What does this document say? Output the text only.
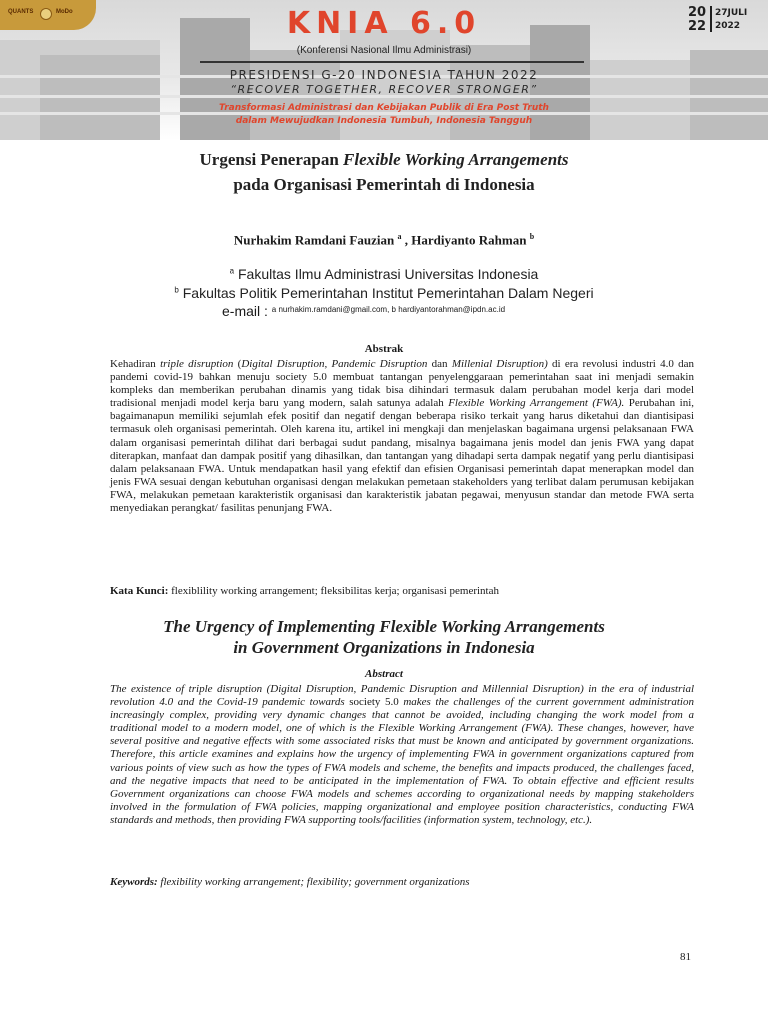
QUANTS	MoDo	KNIA 6.0
(Konferensi Nasional Ilmu Administrasi)
PRESIDENSI G-20 INDONESIA TAHUN 2022
“RECOVER TOGETHER, RECOVER STRONGER”
Transformasi Administrasi dan Kebijakan Publik di Era Post Truth
dalam Mewujudkan Indonesia Tumbuh, Indonesia Tangguh
20
22
27JULI
2022
Urgensi Penerapan Flexible Working Arrangements
pada Organisasi Pemerintah di Indonesia
Nurhakim Ramdani Fauzian $^a$ , Hardiyanto Rahman $^b$
$^a$ Fakultas Ilmu Administrasi Universitas Indonesia
$^b$ Fakultas Politik Pemerintahan Institut Pemerintahan Dalam Negeri
e-mail : $^{a nurhakim.ramdani@gmail.com, b hardiyantorahman@ipdn.ac.id}$
Abstrak
Kehadiran triple disruption (Digital Disruption, Pandemic Disruption dan Millenial Disruption) di era revolusi industri 4.0 dan pandemi covid-19 bahkan menuju society 5.0 membuat tantangan penyelenggaraan pemerintahan saat ini menjadi semakin kompleks dan memberikan perubahan dinamis yang tidak bisa dihindari termasuk dalam perubahan model kerja dari model tradisional menjadi model kerja baru yang modern, salah satunya adalah Flexible Working Arrangement (FWA). Perubahan ini, bagaimanapun memiliki sejumlah efek positif dan negatif dengan beberapa risiko terkait yang harus diketahui dan diantisipasi termasuk oleh organisasi pemerintah. Oleh karena itu, artikel ini mengkaji dan menjelaskan bagaimana urgensi pelaksanaan FWA dalam organisasi pemerintah dilihat dari berbagai sudut pandang, misalnya bagaimana jenis model dan jenis FWA yang dapat diterapkan, manfaat dan dampak positif yang dihasilkan, dan tantangan yang dihadapi serta dampak negatif yang perlu diantisipasi dalam pelaksanaan FWA. Untuk mendapatkan hasil yang efektif dan efisien Organisasi pemerintah dapat menerapkan model dan jenis FWA sesuai dengan kebutuhan organisasi dengan melakukan pemetaan stakeholders yang terlibat dalam perumusan kebijakan FWA, melakukan pemetaan karakteristik organisasi dan karakteristik jabatan pegawai, menyusun standar dan metode FWA serta menyediakan perangkat/ fasilitas penunjang FWA.
Kata Kunci: flexiblility working arrangement; fleksibilitas kerja; organisasi pemerintah
The Urgency of Implementing Flexible Working Arrangements
in Government Organizations in Indonesia
Abstract
The existence of triple disruption (Digital Disruption, Pandemic Disruption and Millennial Disruption) in the era of industrial revolution 4.0 and the Covid-19 pandemic towards society 5.0 makes the challenges of the current government administration increasingly complex, providing very dynamic changes that cannot be avoided, including changing the work model from a traditional model to a modern model, one of which is the Flexible Working Arrangement (FWA). These changes, however, have several positive and negative effects with some associated risks that must be known and anticipated by government organizations. Therefore, this article examines and explains how the urgency of implementing FWA in government organizations captured from various points of view such as how the types of FWA models and scheme, the benefits and impacts produced, the challenges faced, and the negative impacts that need to be anticipated in the implementation of FWA. To obtain effective and efficient results Government organizations can choose FWA models and schemes according to organizational needs by mapping stakeholders involved in the formulation of FWA policies, mapping organizational and employee position characteristics, conducting FWA standards and methods, then providing FWA supporting tools/facilities (information system, technology, etc.).
Keywords: flexibility working arrangement; flexibility; government organizations
81
